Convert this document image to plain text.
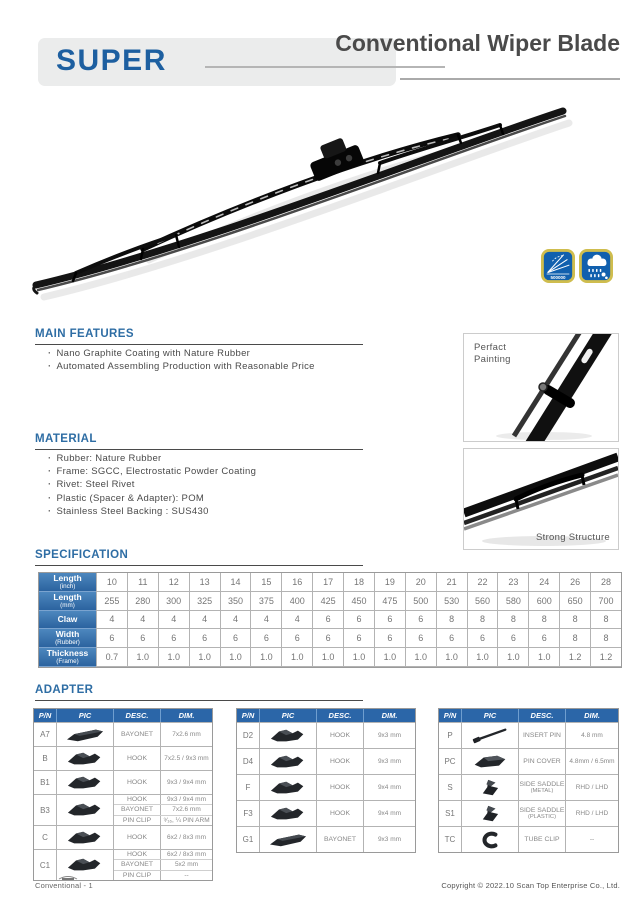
SUPER
Conventional Wiper Blade
500000
MAIN FEATURES
· Nano Graphite Coating with Nature Rubber
· Automated Assembling Production with Reasonable Price
Perfact
Painting
MATERIAL
· Rubber: Nature Rubber
· Frame: SGCC, Electrostatic Powder Coating
· Rivet: Steel Rivet
· Plastic (Spacer & Adapter): POM
· Stainless Steel Backing : SUS430
Strong Structure
SPECIFICATION
Length
(inch)	10	11	12	13	14	15	16	17	18	19	20	21	22	23	24	26	28
Length
(mm)	255	280	300	325	350	375	400	425	450	475	500	530	560	580	600	650	700
Claw	4	4	4	4	4	4	4	6	6	6	6	8	8	8	8	8	8
Width
(Rubber)	6	6	6	6	6	6	6	6	6	6	6	6	6	6	6	8	8
Thickness
(Frame)	0.7	1.0	1.0	1.0	1.0	1.0	1.0	1.0	1.0	1.0	1.0	1.0	1.0	1.0	1.0	1.2	1.2
ADAPTER
P/N	PIC	DESC.	DIM.
A7	BAYONET	7x2.6 mm
B	HOOK	7x2.5 / 9x3 mm
B1	HOOK	9x3 / 9x4 mm
B3
HOOK	9x3 / 9x4 mm
BAYONET	7x2.6 mm
PIN CLIP	⁹⁄₁₆, ¼ PIN ARM
C	HOOK	6x2 / 8x3 mm
C1
HOOK	6x2 / 8x3 mm
BAYONET	5x2 mm
PIN CLIP	--
P/N	PIC	DESC.	DIM.
D2	HOOK	9x3 mm
D4	HOOK	9x3 mm
F	HOOK	9x4 mm
F3	HOOK	9x4 mm
G1	BAYONET	9x3 mm
P/N	PIC	DESC.	DIM.
P	INSERT PIN	4.8 mm
PC	PIN COVER	4.8mm / 6.5mm
S	SIDE SADDLE
(METAL)	RHD / LHD
S1	SIDE SADDLE
(PLASTIC)	RHD / LHD
TC	TUBE CLIP	--
Conventional - 1	Copyright © 2022.10 Scan Top Enterprise Co., Ltd.
